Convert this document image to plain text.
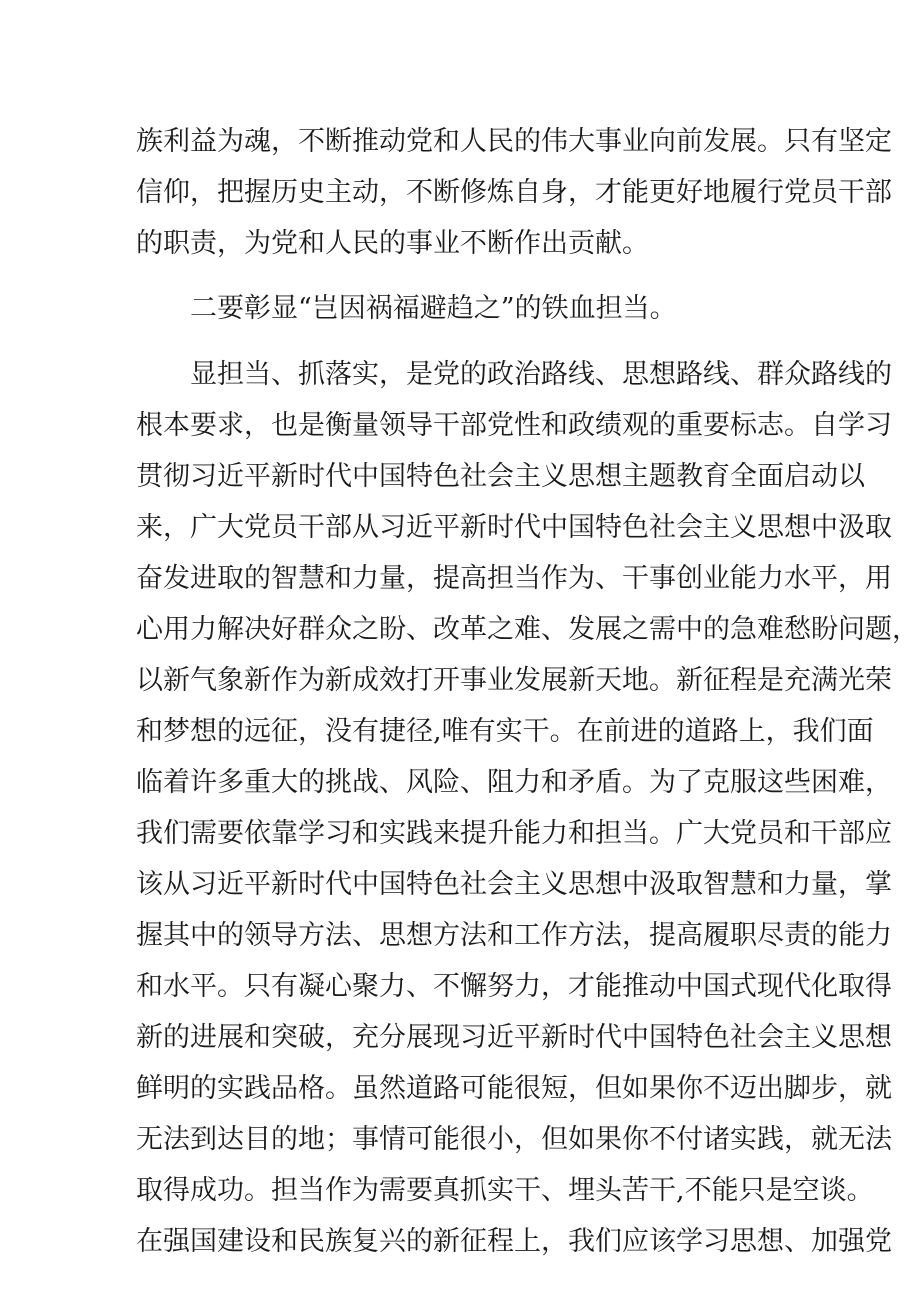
族利益为魂，不断推动党和人民的伟大事业向前发展。只有坚定
信仰，把握历史主动，不断修炼自身，才能更好地履行党员干部
的职责，为党和人民的事业不断作出贡献。
二要彰显“岂因祸福避趋之”的铁血担当。
显担当、抓落实，是党的政治路线、思想路线、群众路线的
根本要求，也是衡量领导干部党性和政绩观的重要标志。自学习
贯彻习近平新时代中国特色社会主义思想主题教育全面启动以
来，广大党员干部从习近平新时代中国特色社会主义思想中汲取
奋发进取的智慧和力量，提高担当作为、干事创业能力水平，用
心用力解决好群众之盼、改革之难、发展之需中的急难愁盼问题，
以新气象新作为新成效打开事业发展新天地。新征程是充满光荣
和梦想的远征，没有捷径,唯有实干。在前进的道路上，我们面
临着许多重大的挑战、风险、阻力和矛盾。为了克服这些困难，
我们需要依靠学习和实践来提升能力和担当。广大党员和干部应
该从习近平新时代中国特色社会主义思想中汲取智慧和力量，掌
握其中的领导方法、思想方法和工作方法，提高履职尽责的能力
和水平。只有凝心聚力、不懈努力，才能推动中国式现代化取得
新的进展和突破，充分展现习近平新时代中国特色社会主义思想
鲜明的实践品格。虽然道路可能很短，但如果你不迈出脚步，就
无法到达目的地；事情可能很小，但如果你不付诸实践，就无法
取得成功。担当作为需要真抓实干、埋头苦干,不能只是空谈。
在强国建设和民族复兴的新征程上，我们应该学习思想、加强党
